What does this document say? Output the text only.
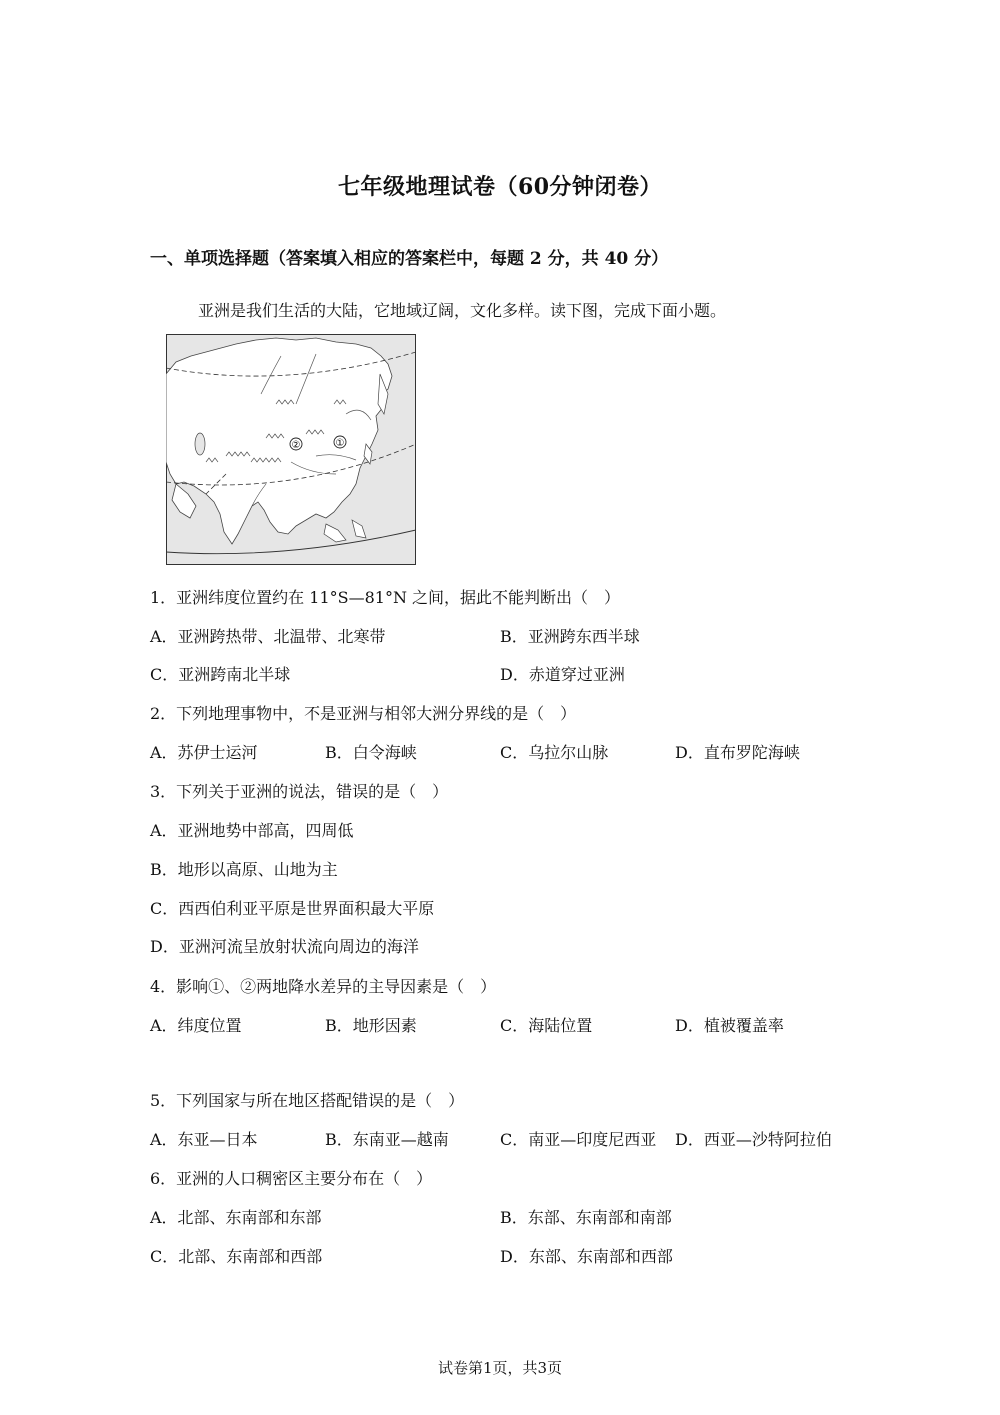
七年级地理试卷（60分钟闭卷）
一、单项选择题（答案填入相应的答案栏中，每题 2 分，共 40 分）
亚洲是我们生活的大陆，它地域辽阔，文化多样。读下图，完成下面小题。
②	①
1．亚洲纬度位置约在 11°S—81°N 之间，据此不能判断出（　）
A．亚洲跨热带、北温带、北寒带	B．亚洲跨东西半球
C．亚洲跨南北半球	D．赤道穿过亚洲
2．下列地理事物中，不是亚洲与相邻大洲分界线的是（　）
A．苏伊士运河	B．白令海峡	C．乌拉尔山脉	D．直布罗陀海峡
3．下列关于亚洲的说法，错误的是（　）
A．亚洲地势中部高，四周低
B．地形以高原、山地为主
C．西西伯利亚平原是世界面积最大平原
D．亚洲河流呈放射状流向周边的海洋
4．影响①、②两地降水差异的主导因素是（　）
A．纬度位置	B．地形因素	C．海陆位置	D．植被覆盖率
5．下列国家与所在地区搭配错误的是（　）
A．东亚—日本	B．东南亚—越南	C．南亚—印度尼西亚 D．西亚—沙特阿拉伯
6．亚洲的人口稠密区主要分布在（　）
A．北部、东南部和东部	B．东部、东南部和南部
C．北部、东南部和西部	D．东部、东南部和西部
试卷第1页，共3页
